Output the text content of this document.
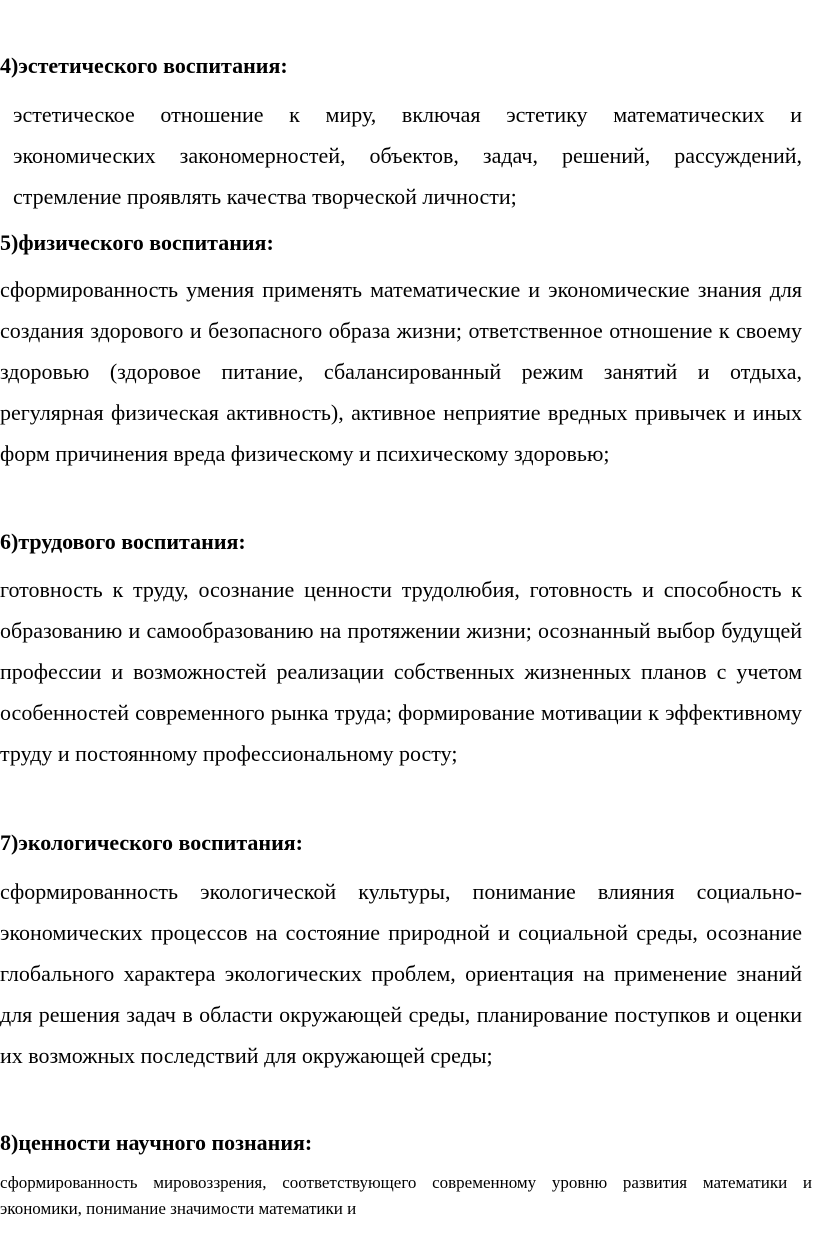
4)эстетического воспитания:
эстетическое отношение к миру, включая эстетику математических и экономических закономерностей, объектов, задач, решений, рассуждений, стремление проявлять качества творческой личности;
5)физического воспитания:
сформированность умения применять математические и экономические знания для создания здорового и безопасного образа жизни; ответственное отношение к своему здоровью (здоровое питание, сбалансированный режим занятий и отдыха, регулярная физическая активность), активное неприятие вредных привычек и иных форм причинения вреда физическому и психическому здоровью;
6)трудового воспитания:
готовность к труду, осознание ценности трудолюбия, готовность и способность к образованию и самообразованию на протяжении жизни; осознанный выбор будущей профессии и возможностей реализации собственных жизненных планов с учетом особенностей современного рынка труда; формирование мотивации к эффективному труду и постоянному профессиональному росту;
7)экологического воспитания:
сформированность экологической культуры, понимание влияния социально-экономических процессов на состояние природной и социальной среды, осознание глобального характера экологических проблем, ориентация на применение знаний для решения задач в области окружающей среды, планирование поступков и оценки их возможных последствий для окружающей среды;
8)ценности научного познания:
сформированность мировоззрения, соответствующего современному уровню развития математики и экономики, понимание значимости математики и
